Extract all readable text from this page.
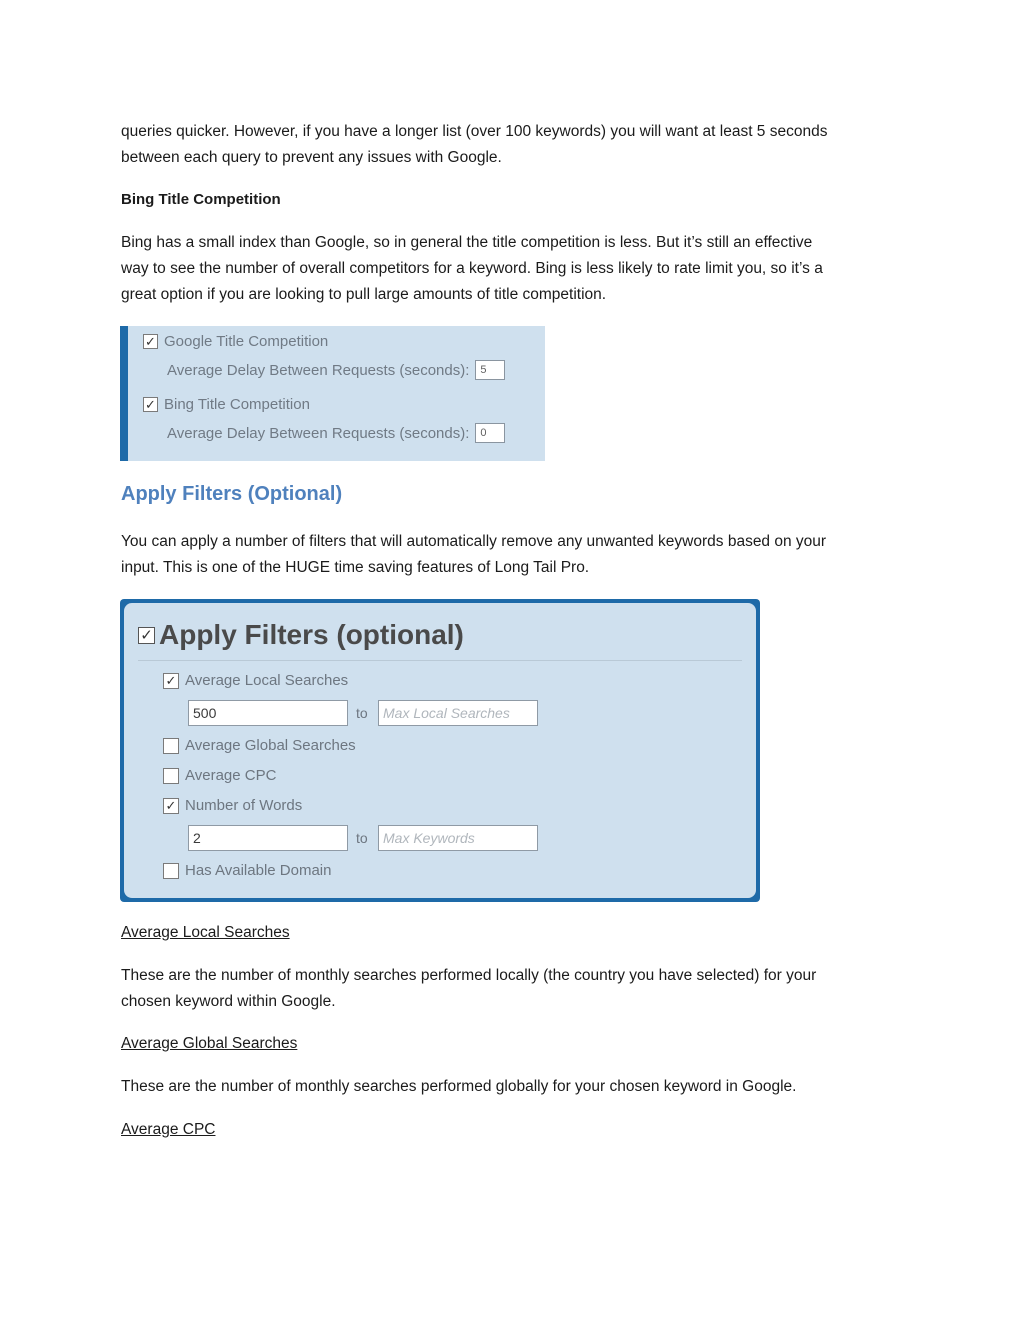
queries quicker. However, if you have a longer list (over 100 keywords) you will want at least 5 seconds
between each query to prevent any issues with Google.
Bing Title Competition
Bing has a small index than Google, so in general the title competition is less. But it’s still an effective
way to see the number of overall competitors for a keyword. Bing is less likely to rate limit you, so it’s a
great option if you are looking to pull large amounts of title competition.
✓ Google Title Competition
Average Delay Between Requests (seconds):	5
✓ Bing Title Competition
Average Delay Between Requests (seconds):	0
Apply Filters (Optional)
You can apply a number of filters that will automatically remove any unwanted keywords based on your
input. This is one of the HUGE time saving features of Long Tail Pro.
✓ Apply Filters (optional)
✓ Average Local Searches
500	to	Max Local Searches
Average Global Searches
Average CPC
✓ Number of Words
2	to	Max Keywords
Has Available Domain
Average Local Searches
These are the number of monthly searches performed locally (the country you have selected) for your
chosen keyword within Google.
Average Global Searches
These are the number of monthly searches performed globally for your chosen keyword in Google.
Average CPC
